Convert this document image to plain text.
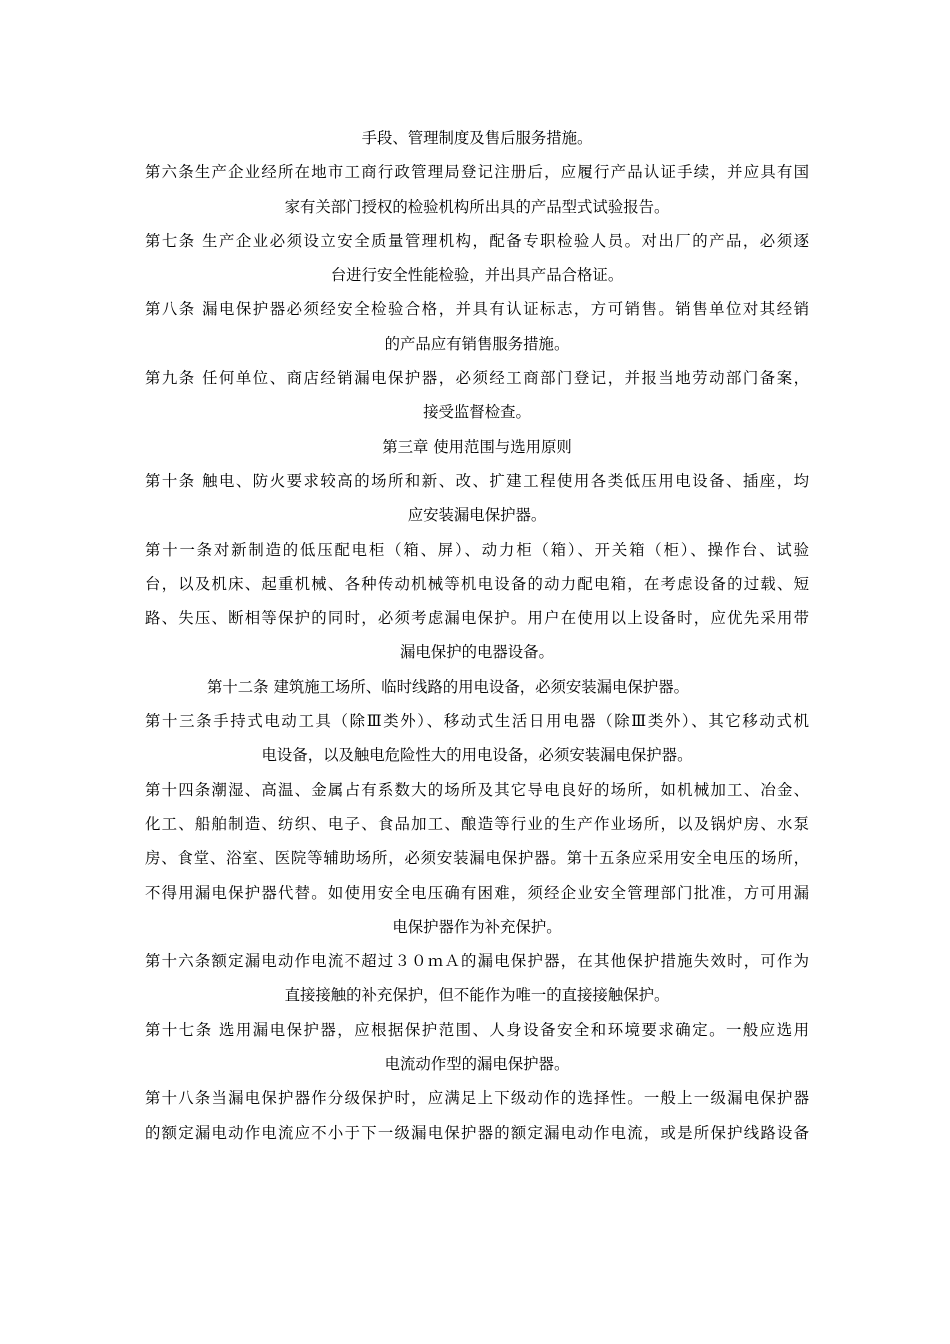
手段、管理制度及售后服务措施。
第六条生产企业经所在地市工商行政管理局登记注册后，应履行产品认证手续，并应具有国
家有关部门授权的检验机构所出具的产品型式试验报告。
第七条 生产企业必须设立安全质量管理机构，配备专职检验人员。对出厂的产品，必须逐
台进行安全性能检验，并出具产品合格证。
第八条 漏电保护器必须经安全检验合格，并具有认证标志，方可销售。销售单位对其经销
的产品应有销售服务措施。
第九条 任何单位、商店经销漏电保护器，必须经工商部门登记，并报当地劳动部门备案，
接受监督检查。
第三章 使用范围与选用原则
第十条 触电、防火要求较高的场所和新、改、扩建工程使用各类低压用电设备、插座，均
应安装漏电保护器。
第十一条对新制造的低压配电柜（箱、屏）、动力柜（箱）、开关箱（柜）、操作台、试验
台，以及机床、起重机械、各种传动机械等机电设备的动力配电箱，在考虑设备的过载、短
路、失压、断相等保护的同时，必须考虑漏电保护。用户在使用以上设备时，应优先采用带
漏电保护的电器设备。
第十二条 建筑施工场所、临时线路的用电设备，必须安装漏电保护器。
第十三条手持式电动工具（除Ⅲ类外）、移动式生活日用电器（除Ⅲ类外）、其它移动式机
电设备，以及触电危险性大的用电设备，必须安装漏电保护器。
第十四条潮湿、高温、金属占有系数大的场所及其它导电良好的场所，如机械加工、冶金、
化工、船舶制造、纺织、电子、食品加工、酿造等行业的生产作业场所，以及锅炉房、水泵
房、食堂、浴室、医院等辅助场所，必须安装漏电保护器。第十五条应采用安全电压的场所，
不得用漏电保护器代替。如使用安全电压确有困难，须经企业安全管理部门批准，方可用漏
电保护器作为补充保护。
第十六条额定漏电动作电流不超过３０ｍＡ的漏电保护器，在其他保护措施失效时，可作为
直接接触的补充保护，但不能作为唯一的直接接触保护。
第十七条 选用漏电保护器，应根据保护范围、人身设备安全和环境要求确定。一般应选用
电流动作型的漏电保护器。
第十八条当漏电保护器作分级保护时，应满足上下级动作的选择性。一般上一级漏电保护器
的额定漏电动作电流应不小于下一级漏电保护器的额定漏电动作电流，或是所保护线路设备
